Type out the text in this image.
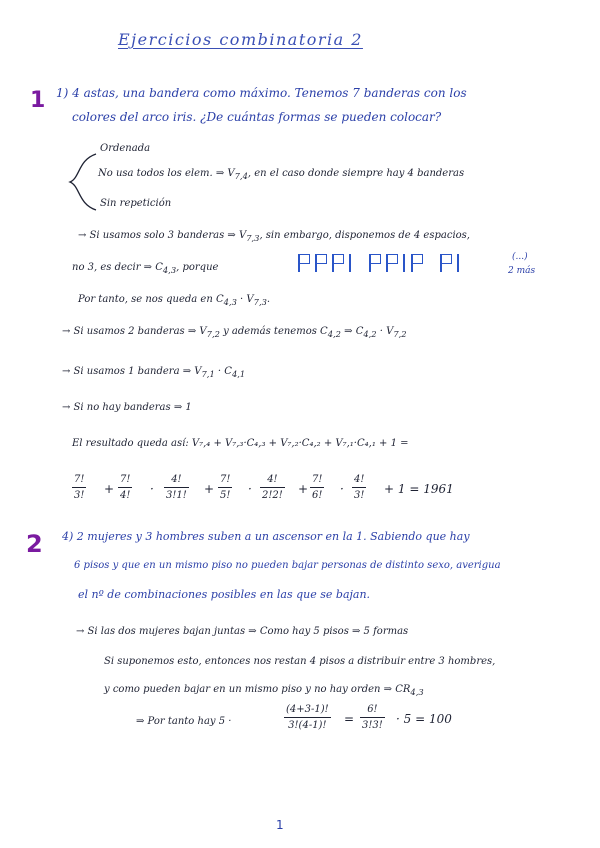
Ejercicios combinatoria 2
1 1) 4 astas, una bandera como máximo. Tenemos 7 banderas con los
colores del arco iris. ¿De cuántas formas se pueden colocar?
Ordenada
No usa todos los elem. ⇒ $V_{7,4}$, en el caso donde siempre hay 4 banderas
Sin repetición
→ Si usamos solo 3 banderas ⇒ $V_{7,3}$, sin embargo, disponemos de 4 espacios,
no 3, es decir ⇒ $C_{4,3}$, porque
(...)
2 más
Por tanto, se nos queda en $C_{4,3} \cdot V_{7,3}$.
→ Si usamos 2 banderas ⇒ $V_{7,2}$ y además tenemos $C_{4,2}$ ⇒ $C_{4,2} \cdot V_{7,2}$
→ Si usamos 1 bandera ⇒ $V_{7,1} \cdot C_{4,1}$
→ Si no hay banderas ⇒ 1
El resultado queda así: V₇,₄ + V₇,₃·C₄,₃ + V₇,₂·C₄,₂ + V₇,₁·C₄,₁ + 1 =
7!
3! +
7!
4! ·
4!
3!1! +
7!
5! ·
4!
2!2! +
7!
6! ·
4!
3! + 1 = 1961
2 4) 2 mujeres y 3 hombres suben a un ascensor en la 1. Sabiendo que hay
6 pisos y que en un mismo piso no pueden bajar personas de distinto sexo, averigua
el nº de combinaciones posibles en las que se bajan.
→ Si las dos mujeres bajan juntas ⇒ Como hay 5 pisos ⇒ 5 formas
Si suponemos esto, entonces nos restan 4 pisos a distribuir entre 3 hombres,
y como pueden bajar en un mismo piso y no hay orden ⇒ $CR_{4,3}$
⇒ Por tanto hay 5 ·
(4+3-1)!
3!(4-1)! =
6!
3!3! · 5 = 100
1
